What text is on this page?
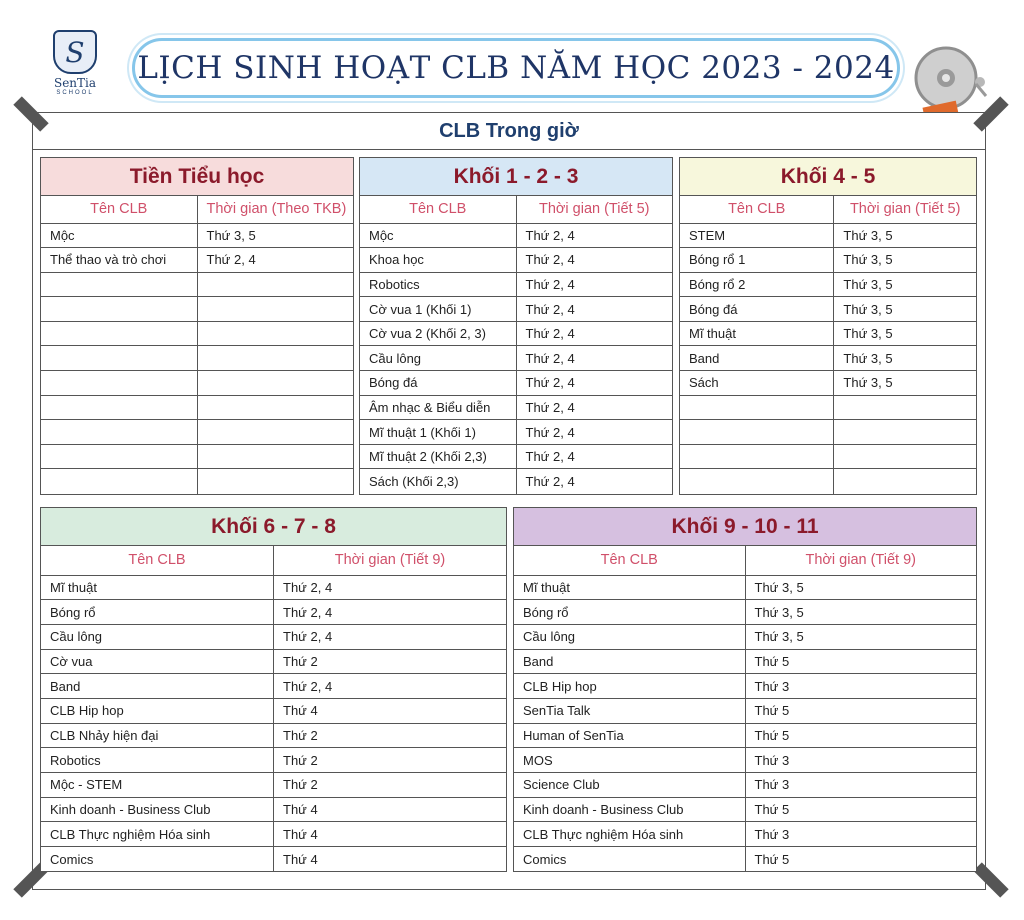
S
SenTia
SCHOOL
LỊCH SINH HOẠT CLB NĂM HỌC 2023 - 2024
CLB Trong giờ
Tiền Tiểu học
Tên CLB	Thời gian (Theo TKB)
Mộc	Thứ 3, 5
Thể thao và trò chơi	Thứ 2, 4

Khối 1 - 2 - 3
Tên CLB	Thời gian (Tiết 5)
Mộc	Thứ 2, 4
Khoa học	Thứ 2, 4
Robotics	Thứ 2, 4
Cờ vua 1 (Khối 1)	Thứ 2, 4
Cờ vua 2 (Khối 2, 3)	Thứ 2, 4
Cầu lông	Thứ 2, 4
Bóng đá	Thứ 2, 4
Âm nhạc & Biểu diễn	Thứ 2, 4
Mĩ thuật 1 (Khối 1)	Thứ 2, 4
Mĩ thuật 2 (Khối 2,3)	Thứ 2, 4
Sách (Khối 2,3)	Thứ 2, 4
Khối 4 - 5
Tên CLB	Thời gian (Tiết 5)
STEM	Thứ 3, 5
Bóng rổ 1	Thứ 3, 5
Bóng rổ 2	Thứ 3, 5
Bóng đá	Thứ 3, 5
Mĩ thuật	Thứ 3, 5
Band	Thứ 3, 5
Sách	Thứ 3, 5

Khối 6 - 7 - 8
Tên CLB	Thời gian (Tiết 9)
Mĩ thuật	Thứ 2, 4
Bóng rổ	Thứ 2, 4
Cầu lông	Thứ 2, 4
Cờ vua	Thứ 2
Band	Thứ 2, 4
CLB Hip hop	Thứ 4
CLB Nhảy hiện đại	Thứ 2
Robotics	Thứ 2
Mộc - STEM	Thứ 2
Kinh doanh - Business Club	Thứ 4
CLB Thực nghiệm Hóa sinh	Thứ 4
Comics	Thứ 4
Khối 9 - 10 - 11
Tên CLB	Thời gian (Tiết 9)
Mĩ thuật	Thứ 3, 5
Bóng rổ	Thứ 3, 5
Cầu lông	Thứ 3, 5
Band	Thứ 5
CLB Hip hop	Thứ 3
SenTia Talk	Thứ 5
Human of SenTia	Thứ 5
MOS	Thứ 3
Science Club	Thứ 3
Kinh doanh - Business Club	Thứ 5
CLB Thực nghiệm Hóa sinh	Thứ 3
Comics	Thứ 5
